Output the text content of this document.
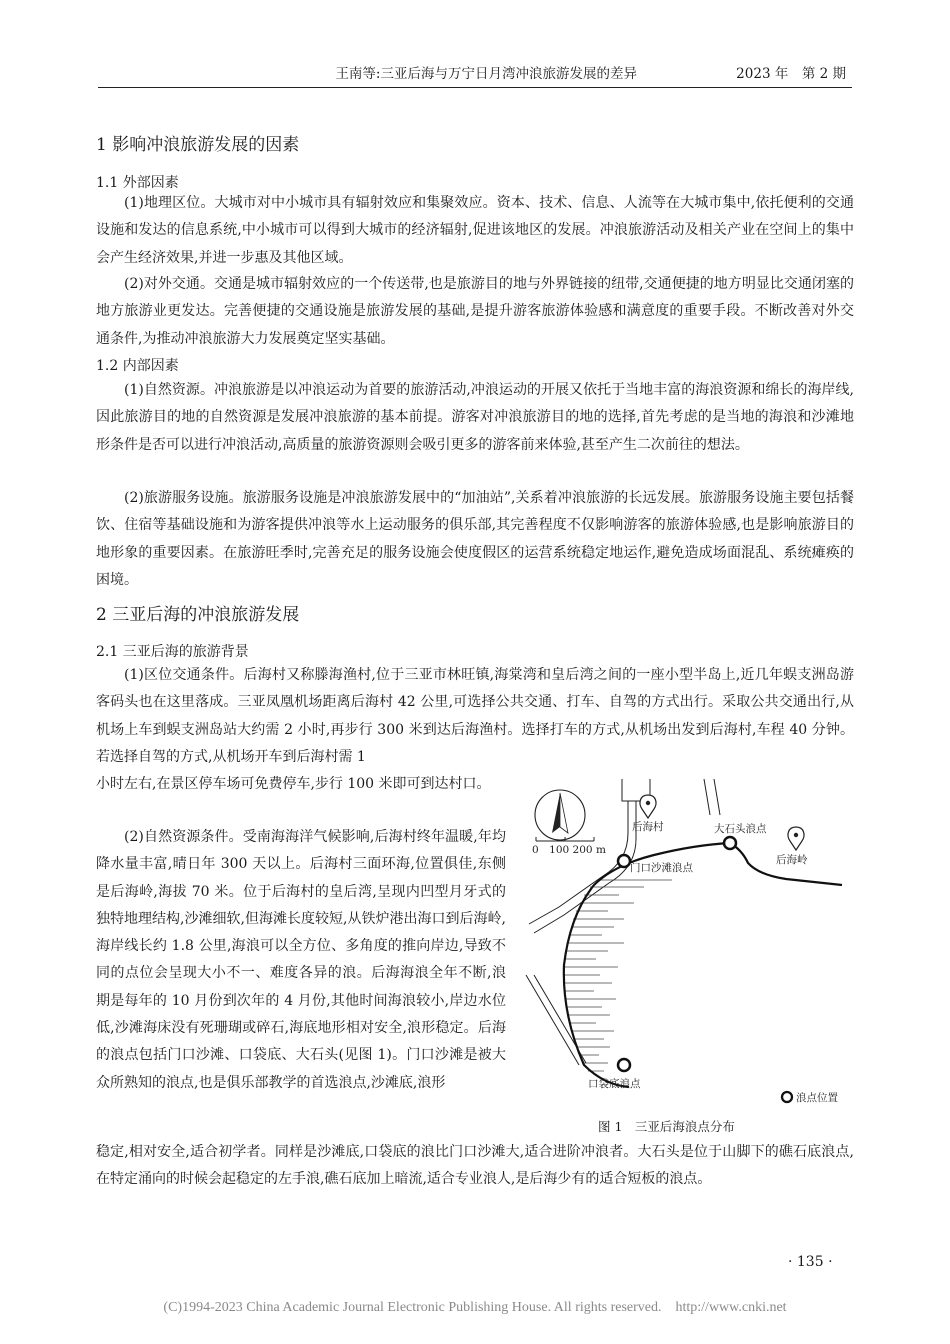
王南等:三亚后海与万宁日月湾冲浪旅游发展的差异	2023 年　第 2 期
1 影响冲浪旅游发展的因素
1.1 外部因素

(1)地理区位。大城市对中小城市具有辐射效应和集聚效应。资本、技术、信息、人流等在大城市集中,依托便利的交通设施和发达的信息系统,中小城市可以得到大城市的经济辐射,促进该地区的发展。冲浪旅游活动及相关产业在空间上的集中会产生经济效果,并进一步惠及其他区域。

(2)对外交通。交通是城市辐射效应的一个传送带,也是旅游目的地与外界链接的纽带,交通便捷的地方明显比交通闭塞的地方旅游业更发达。完善便捷的交通设施是旅游发展的基础,是提升游客旅游体验感和满意度的重要手段。不断改善对外交通条件,为推动冲浪旅游大力发展奠定坚实基础。

1.2 内部因素

(1)自然资源。冲浪旅游是以冲浪运动为首要的旅游活动,冲浪运动的开展又依托于当地丰富的海浪资源和绵长的海岸线,因此旅游目的地的自然资源是发展冲浪旅游的基本前提。游客对冲浪旅游目的地的选择,首先考虑的是当地的海浪和沙滩地形条件是否可以进行冲浪活动,高质量的旅游资源则会吸引更多的游客前来体验,甚至产生二次前往的想法。

(2)旅游服务设施。旅游服务设施是冲浪旅游发展中的“加油站”,关系着冲浪旅游的长远发展。旅游服务设施主要包括餐饮、住宿等基础设施和为游客提供冲浪等水上运动服务的俱乐部,其完善程度不仅影响游客的旅游体验感,也是影响旅游目的地形象的重要因素。在旅游旺季时,完善充足的服务设施会使度假区的运营系统稳定地运作,避免造成场面混乱、系统瘫痪的困境。

2 三亚后海的冲浪旅游发展
2.1 三亚后海的旅游背景

(1)区位交通条件。后海村又称滕海渔村,位于三亚市林旺镇,海棠湾和皇后湾之间的一座小型半岛上,近几年蜈支洲岛游客码头也在这里落成。三亚凤凰机场距离后海村 42 公里,可选择公共交通、打车、自驾的方式出行。采取公共交通出行,从机场上车到蜈支洲岛站大约需 2 小时,再步行 300 米到达后海渔村。选择打车的方式,从机场出发到后海村,车程 40 分钟。若选择自驾的方式,从机场开车到后海村需 1

小时左右,在景区停车场可免费停车,步行 100 米即可到达村口。

(2)自然资源条件。受南海海洋气候影响,后海村终年温暖,年均降水量丰富,晴日年 300 天以上。后海村三面环海,位置俱佳,东侧是后海岭,海拔 70 米。位于后海村的皇后湾,呈现内凹型月牙式的独特地理结构,沙滩细软,但海滩长度较短,从铁炉港出海口到后海岭,海岸线长约 1.8 公里,海浪可以全方位、多角度的推向岸边,导致不同的点位会呈现大小不一、难度各异的浪。后海海浪全年不断,浪期是每年的 10 月份到次年的 4 月份,其他时间海浪较小,岸边水位低,沙滩海床没有死珊瑚或碎石,海底地形相对安全,浪形稳定。后海的浪点包括门口沙滩、口袋底、大石头(见图 1)。门口沙滩是被大众所熟知的浪点,也是俱乐部教学的首选浪点,沙滩底,浪形

稳定,相对安全,适合初学者。同样是沙滩底,口袋底的浪比门口沙滩大,适合进阶冲浪者。大石头是位于山脚下的礁石底浪点,在特定涌向的时候会起稳定的左手浪,礁石底加上暗流,适合专业浪人,是后海少有的适合短板的浪点。

0　100 200 m
后海村
后海岭
大石头浪点
门口沙滩浪点
口袋底浪点
浪点位置
图 1　三亚后海浪点分布
· 135 ·
(C)1994-2023 China Academic Journal Electronic Publishing House. All rights reserved.　http://www.cnki.net
